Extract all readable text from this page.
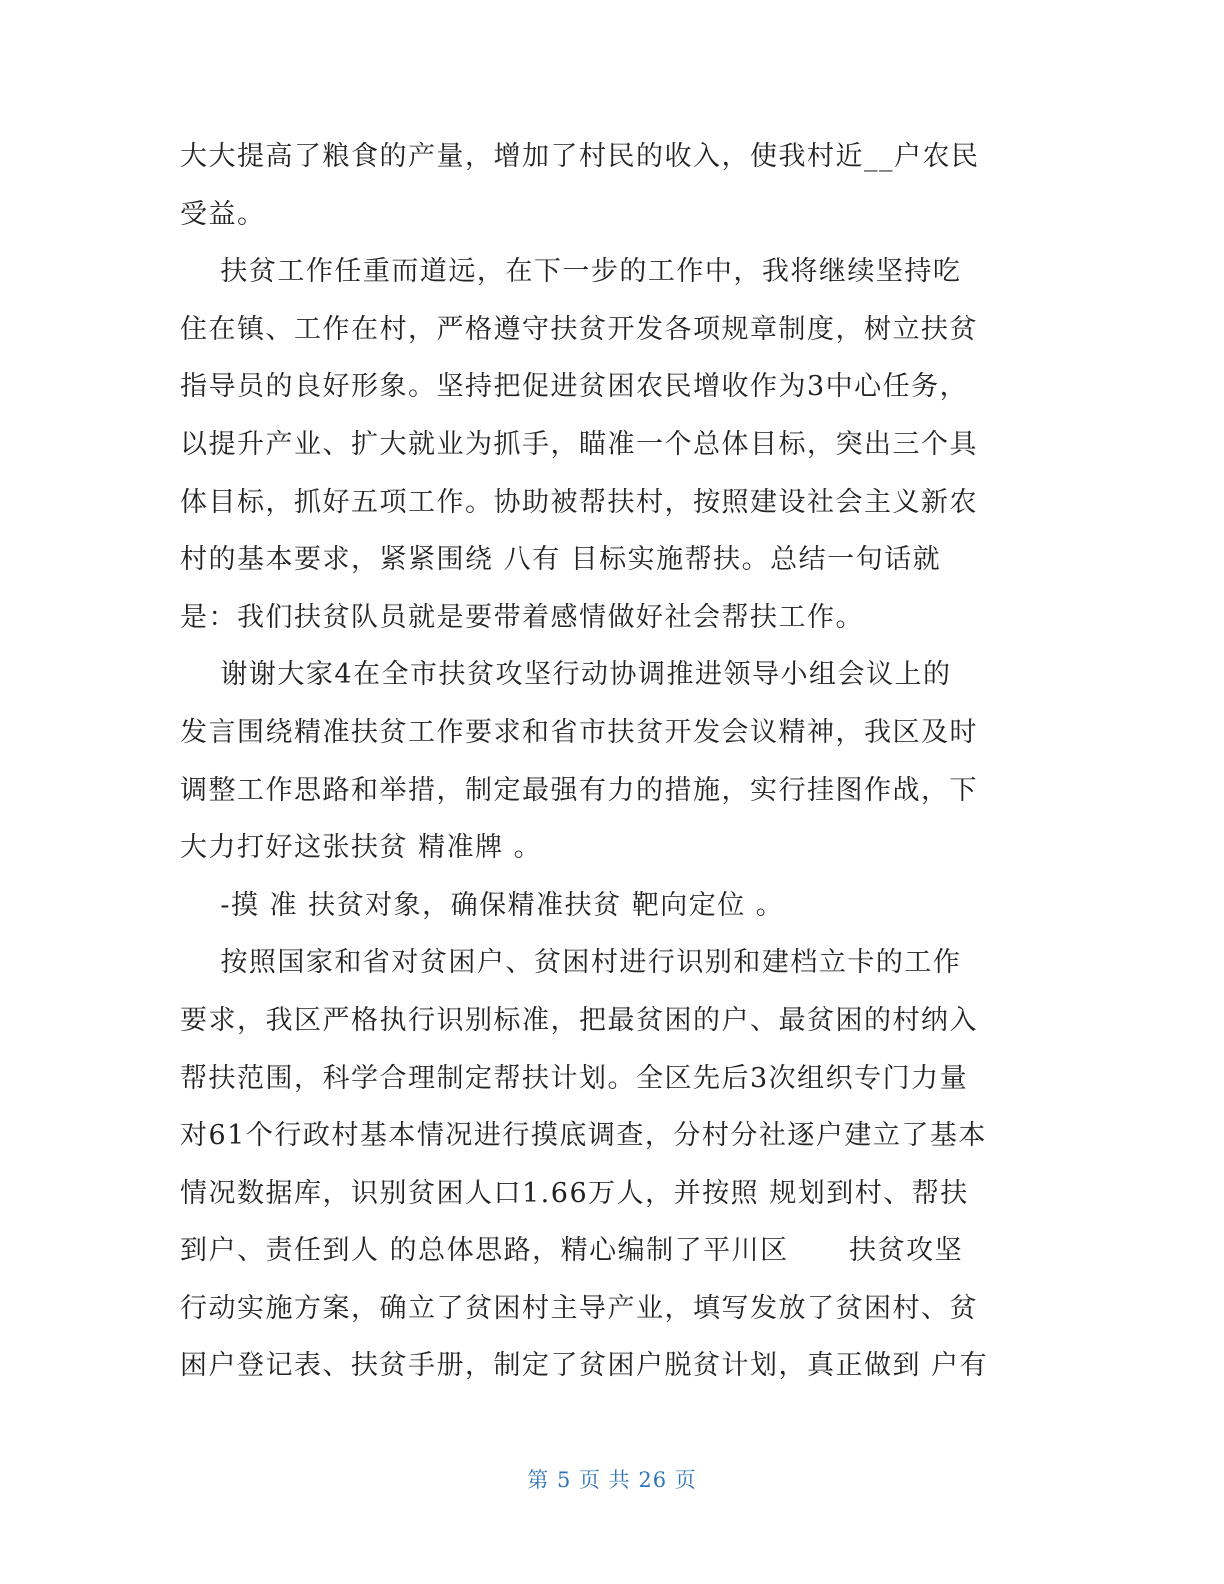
大大提高了粮食的产量，增加了村民的收入，使我村近__户农民
受益。
扶贫工作任重而道远，在下一步的工作中，我将继续坚持吃
住在镇、工作在村，严格遵守扶贫开发各项规章制度，树立扶贫
指导员的良好形象。坚持把促进贫困农民增收作为3中心任务，
以提升产业、扩大就业为抓手，瞄准一个总体目标，突出三个具
体目标，抓好五项工作。协助被帮扶村，按照建设社会主义新农
村的基本要求，紧紧围绕 八有 目标实施帮扶。总结一句话就
是：我们扶贫队员就是要带着感情做好社会帮扶工作。
谢谢大家4在全市扶贫攻坚行动协调推进领导小组会议上的
发言围绕精准扶贫工作要求和省市扶贫开发会议精神，我区及时
调整工作思路和举措，制定最强有力的措施，实行挂图作战，下
大力打好这张扶贫 精准牌 。
-摸 准 扶贫对象，确保精准扶贫 靶向定位 。
按照国家和省对贫困户、贫困村进行识别和建档立卡的工作
要求，我区严格执行识别标准，把最贫困的户、最贫困的村纳入
帮扶范围，科学合理制定帮扶计划。全区先后3次组织专门力量
对61个行政村基本情况进行摸底调查，分村分社逐户建立了基本
情况数据库，识别贫困人口1.66万人，并按照 规划到村、帮扶
到户、责任到人 的总体思路，精心编制了平川区      扶贫攻坚
行动实施方案，确立了贫困村主导产业，填写发放了贫困村、贫
困户登记表、扶贫手册，制定了贫困户脱贫计划，真正做到 户有
第 5 页 共 26 页
